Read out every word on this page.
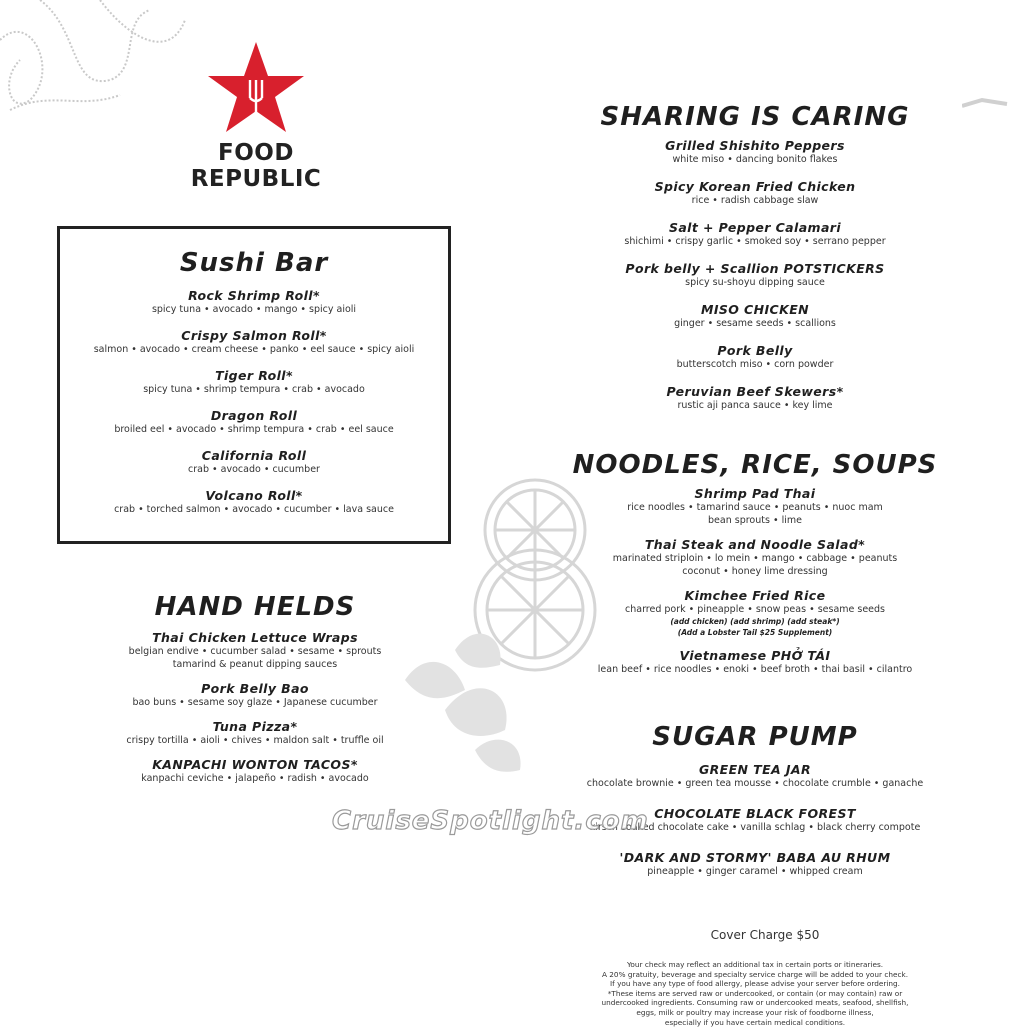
FOOD REPUBLIC
Sushi Bar
Rock Shrimp Roll*
spicy tuna • avocado • mango • spicy aioli
Crispy Salmon Roll*
salmon • avocado • cream cheese • panko • eel sauce • spicy aioli
Tiger Roll*
spicy tuna • shrimp tempura • crab • avocado
Dragon Roll
broiled eel • avocado • shrimp tempura • crab • eel sauce
California Roll
crab • avocado • cucumber
Volcano Roll*
crab • torched salmon • avocado • cucumber • lava sauce
HAND HELDS
Thai Chicken Lettuce Wraps
belgian endive • cucumber salad • sesame • sprouts
tamarind & peanut dipping sauces
Pork Belly Bao
bao buns • sesame soy glaze • Japanese cucumber
Tuna Pizza*
crispy tortilla • aioli • chives • maldon salt • truffle oil
KANPACHI WONTON TACOS*
kanpachi ceviche • jalapeño • radish • avocado
SHARING IS CARING
Grilled Shishito Peppers
white miso • dancing bonito flakes
Spicy Korean Fried Chicken
rice • radish cabbage slaw
Salt + Pepper Calamari
shichimi • crispy garlic • smoked soy • serrano pepper
Pork belly + Scallion POTSTICKERS
spicy su-shoyu dipping sauce
MISO CHICKEN
ginger • sesame seeds • scallions
Pork Belly
butterscotch miso • corn powder
Peruvian Beef Skewers*
rustic aji panca sauce • key lime
NOODLES, RICE, SOUPS
Shrimp Pad Thai
rice noodles • tamarind sauce • peanuts • nuoc mam
bean sprouts • lime
Thai Steak and Noodle Salad*
marinated striploin • lo mein • mango • cabbage • peanuts
coconut • honey lime dressing
Kimchee Fried Rice
charred pork • pineapple • snow peas • sesame seeds
(add chicken) (add shrimp) (add steak*)
(Add a Lobster Tail $25 Supplement)
Vietnamese PHỞ TÁI
lean beef • rice noodles • enoki • beef broth • thai basil • cilantro
SUGAR PUMP
GREEN TEA JAR
chocolate brownie • green tea mousse • chocolate crumble • ganache
CHOCOLATE BLACK FOREST
kirsch soaked chocolate cake • vanilla schlag • black cherry compote
'DARK AND STORMY' BABA AU RHUM
pineapple • ginger caramel • whipped cream
Cover Charge $50
Your check may reflect an additional tax in certain ports or itineraries.
A 20% gratuity, beverage and specialty service charge will be added to your check.
If you have any type of food allergy, please advise your server before ordering.
*These items are served raw or undercooked, or contain (or may contain) raw or
undercooked ingredients. Consuming raw or undercooked meats, seafood, shellfish,
eggs, milk or poultry may increase your risk of foodborne illness,
especially if you have certain medical conditions.
CruiseSpotlight.com
